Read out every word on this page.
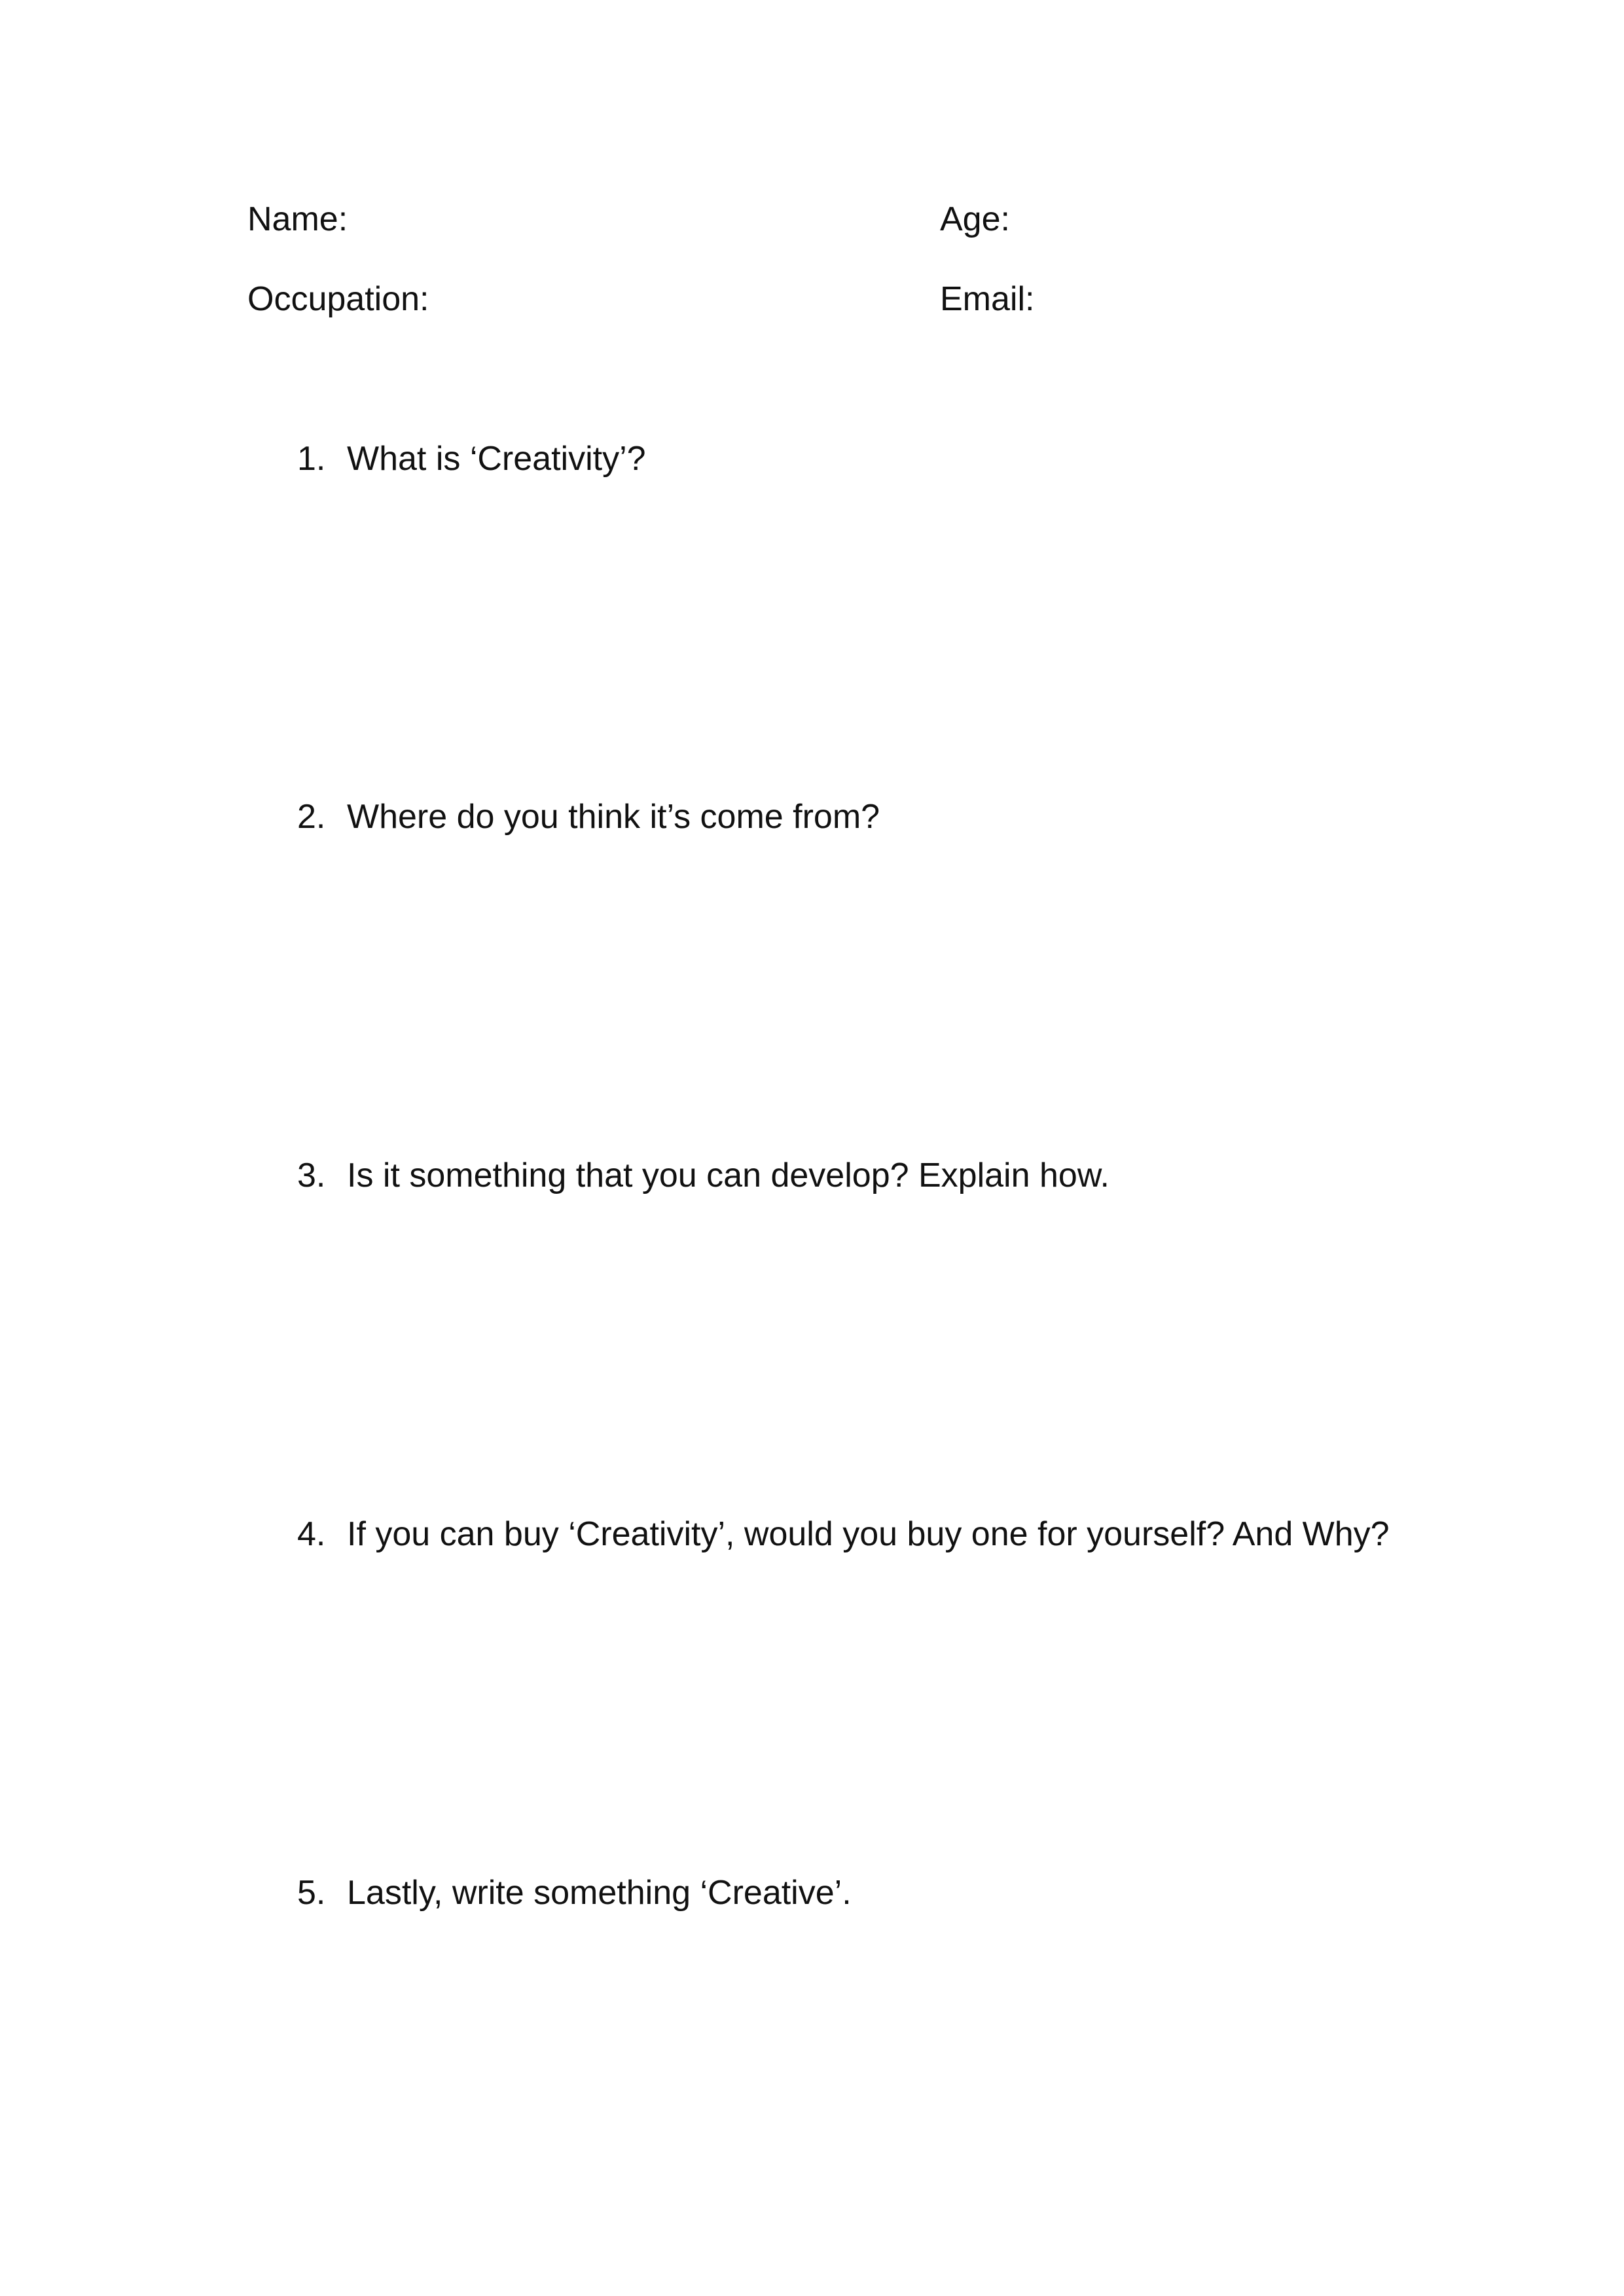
Name:	Age:
Occupation:	Email:
1. What is ‘Creativity’?
2. Where do you think it’s come from?
3. Is it something that you can develop? Explain how.
4. If you can buy ‘Creativity’, would you buy one for yourself? And Why?
5. Lastly, write something ‘Creative’.
